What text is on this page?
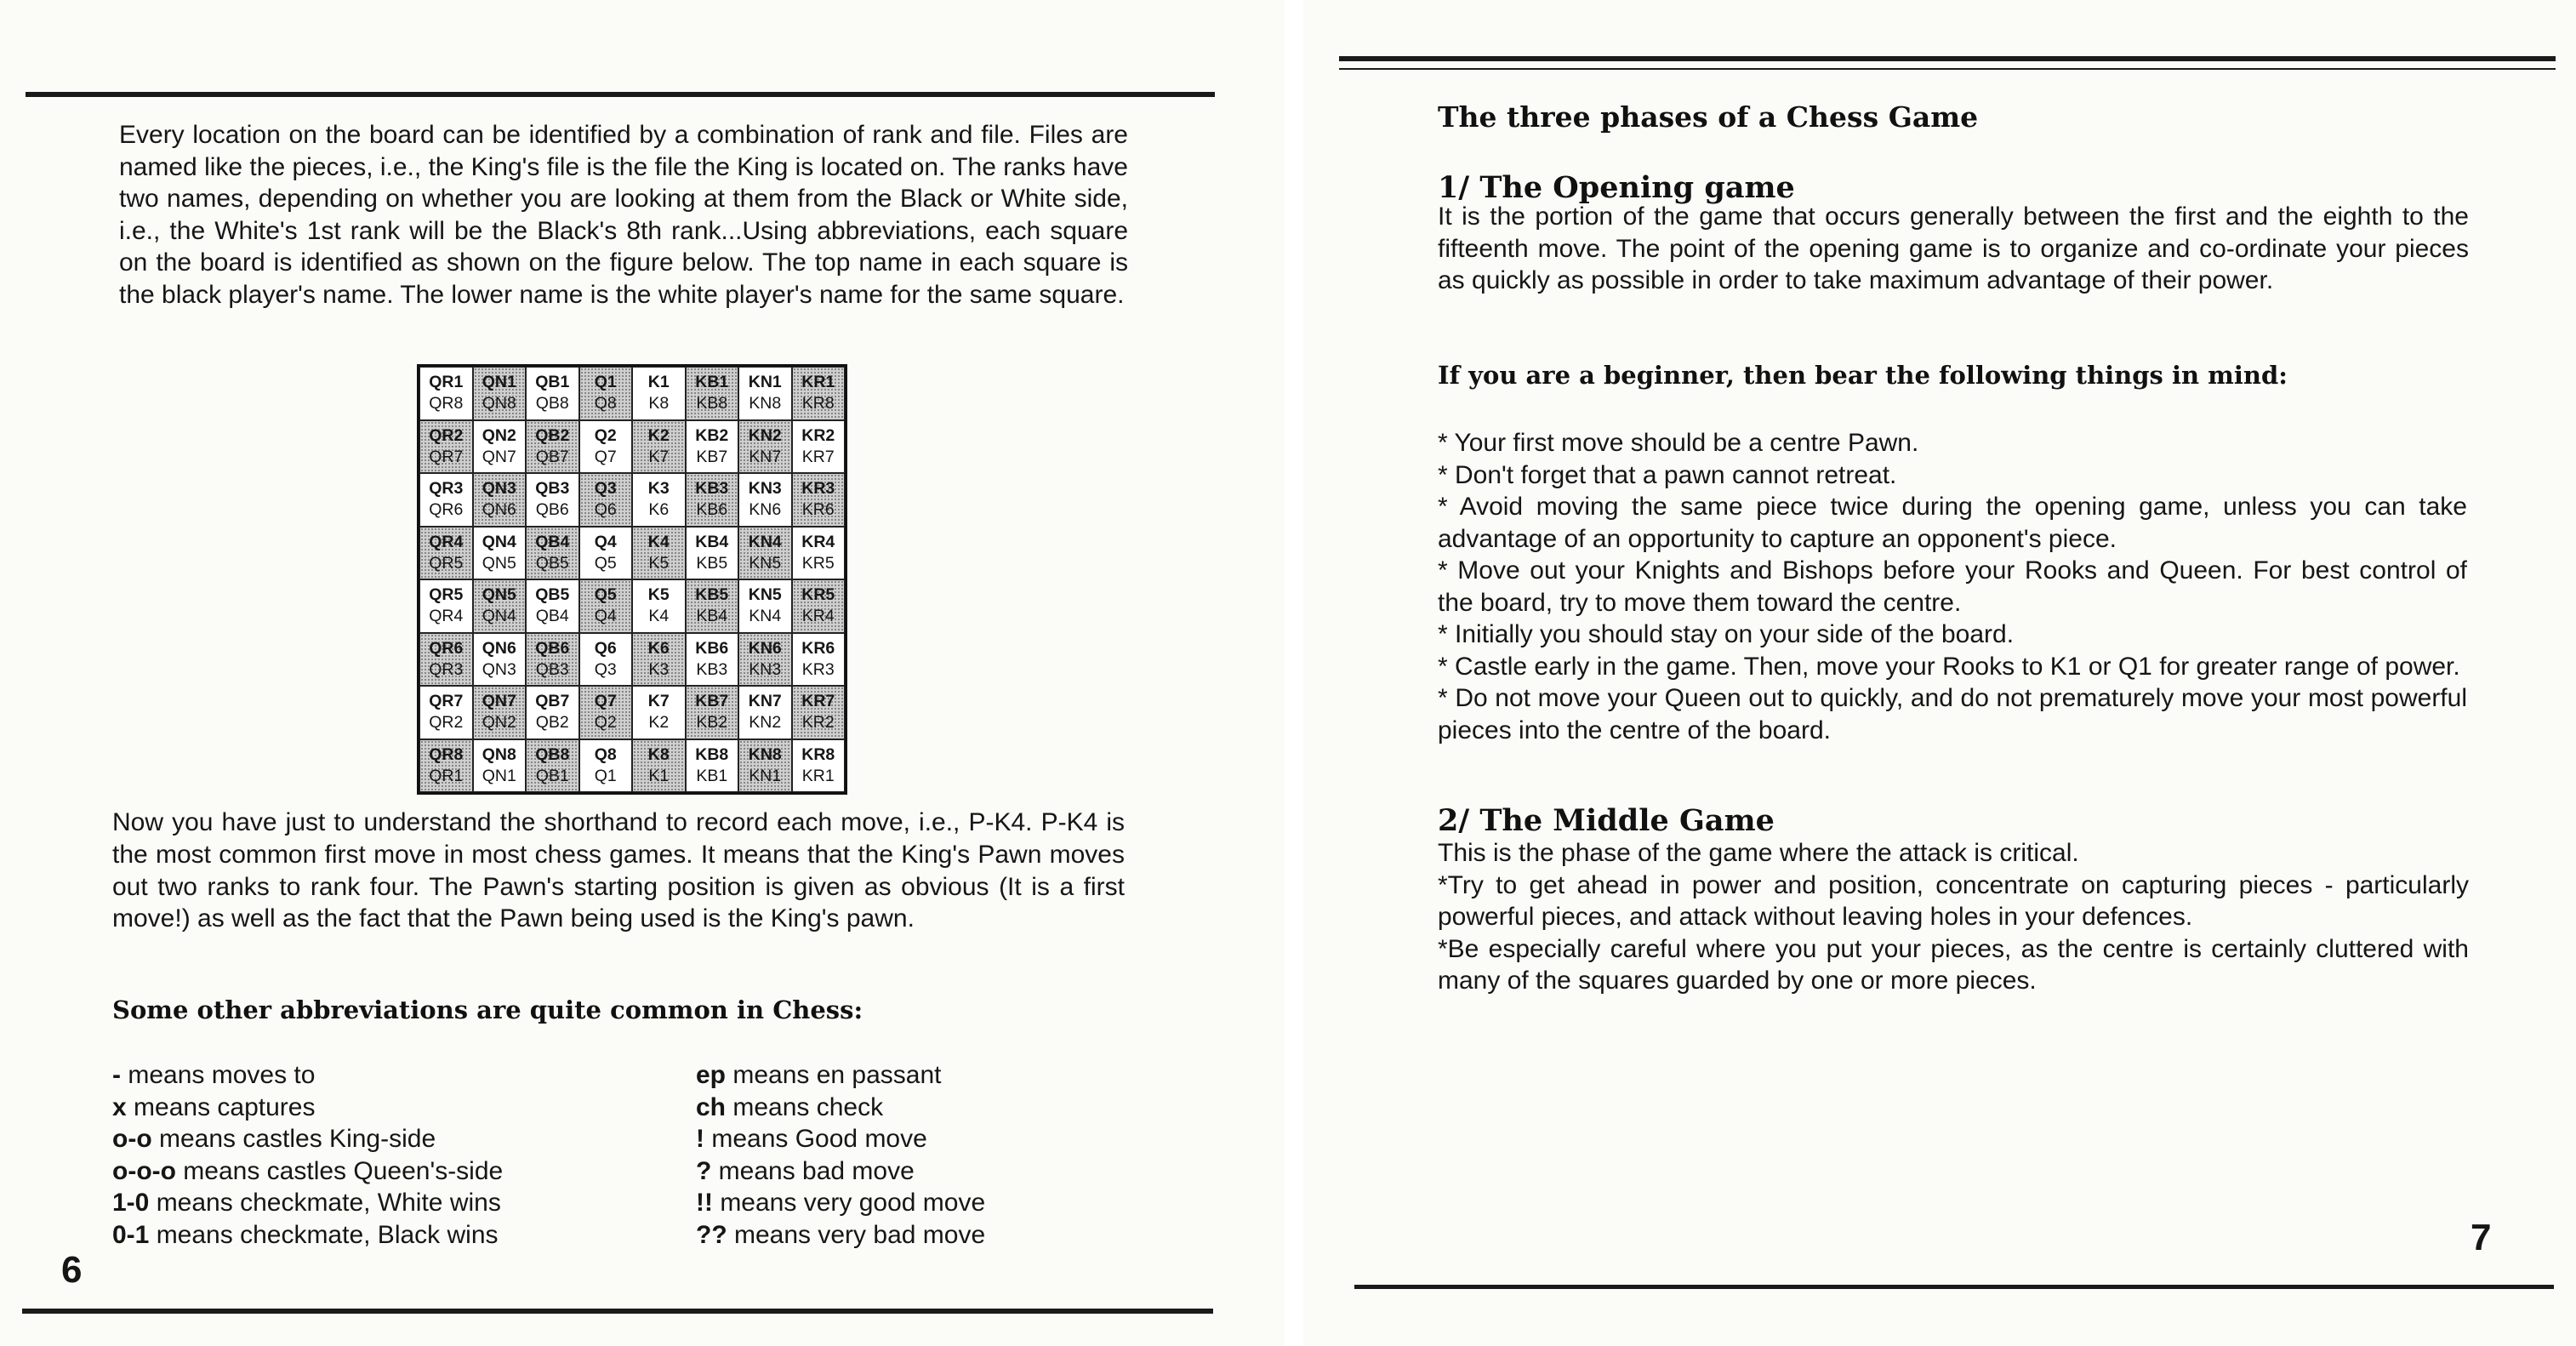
Every location on the board can be identified by a combination of rank and file. Files are named like the pieces, i.e., the King's file is the file the King is located on. The ranks have two names, depending on whether you are looking at them from the Black or White side, i.e., the White's 1st rank will be the Black's 8th rank...Using abbreviations, each square on the board is identified as shown on the figure below. The top name in each square is the black player's name. The lower name is the white player's name for the same square.

QR1
QR8
QN1
QN8
QB1
QB8
Q1
Q8
K1
K8
KB1
KB8
KN1
KN8
KR1
KR8
QR2
QR7
QN2
QN7
QB2
QB7
Q2
Q7
K2
K7
KB2
KB7
KN2
KN7
KR2
KR7
QR3
QR6
QN3
QN6
QB3
QB6
Q3
Q6
K3
K6
KB3
KB6
KN3
KN6
KR3
KR6
QR4
QR5
QN4
QN5
QB4
QB5
Q4
Q5
K4
K5
KB4
KB5
KN4
KN5
KR4
KR5
QR5
QR4
QN5
QN4
QB5
QB4
Q5
Q4
K5
K4
KB5
KB4
KN5
KN4
KR5
KR4
QR6
QR3
QN6
QN3
QB6
QB3
Q6
Q3
K6
K3
KB6
KB3
KN6
KN3
KR6
KR3
QR7
QR2
QN7
QN2
QB7
QB2
Q7
Q2
K7
K2
KB7
KB2
KN7
KN2
KR7
KR2
QR8
QR1
QN8
QN1
QB8
QB1
Q8
Q1
K8
K1
KB8
KB1
KN8
KN1
KR8
KR1

Now you have just to understand the shorthand to record each move, i.e., P-K4. P-K4 is the most common first move in most chess games. It means that the King's Pawn moves out two ranks to rank four. The Pawn's starting position is given as obvious (It is a first move!) as well as the fact that the Pawn being used is the King's pawn.

Some other abbreviations are quite common in Chess:

- means moves to
x means captures
o-o means castles King-side
o-o-o means castles Queen's-side
1-0 means checkmate, White wins
0-1 means checkmate, Black wins
ep means en passant
ch means check
! means Good move
? means bad move
!! means very good move
?? means very bad move
6

The three phases of a Chess Game

1/ The Opening game

It is the portion of the game that occurs generally between the first and the eighth to the fifteenth move. The point of the opening game is to organize and co-ordinate your pieces as quickly as possible in order to take maximum advantage of their power.

If you are a beginner, then bear the following things in mind:

* Your first move should be a centre Pawn.
* Don't forget that a pawn cannot retreat.
* Avoid moving the same piece twice during the opening game, unless you can take advantage of an opportunity to capture an opponent's piece.
* Move out your Knights and Bishops before your Rooks and Queen. For best control of the board, try to move them toward the centre.
* Initially you should stay on your side of the board.
* Castle early in the game. Then, move your Rooks to K1 or Q1 for greater range of power.
* Do not move your Queen out to quickly, and do not prematurely move your most powerful pieces into the centre of the board.

2/ The Middle Game

This is the phase of the game where the attack is critical.
*Try to get ahead in power and position, concentrate on capturing pieces - particularly powerful pieces, and attack without leaving holes in your defences.
*Be especially careful where you put your pieces, as the centre is certainly cluttered with many of the squares guarded by one or more pieces.
7
